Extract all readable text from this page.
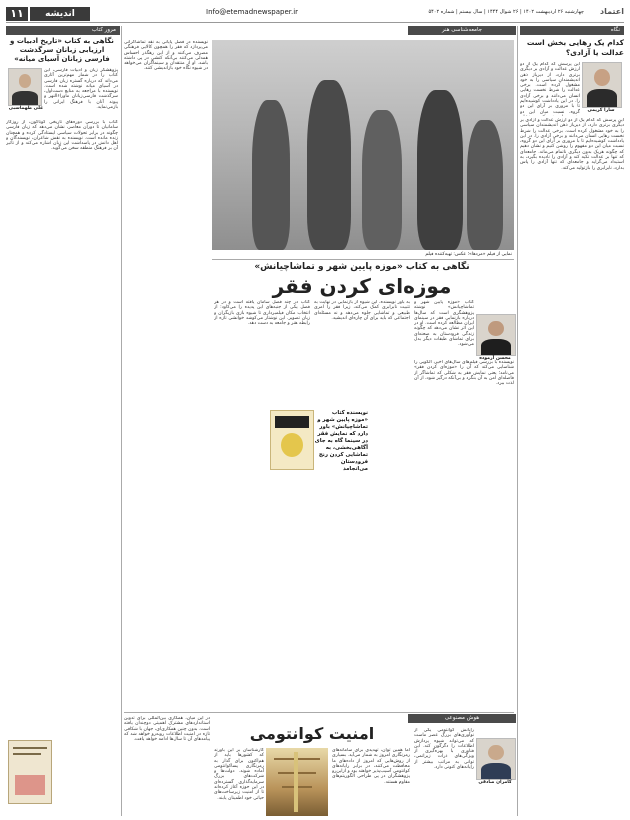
اعتماد
چهارشنبه ۲۶ اردیبهشت ۱۴۰۲ | ۲۶ شوال ۱۴۴۴ | سال بیستم | شماره ۵۴۰۲
Info@etemadnewspaper.ir
اندیشه
۱۱
مرور کتاب
نگاهی به کتاب «تاریخ ادبیات و ارزیابی زبانان سرگذشت فارسی زبانان آسیای میانه»
علی طهماسبی
پژوهشگر زبان و ادبیات فارسی، این کتاب را در شمار مهم‌ترین آثاری می‌داند که درباره گستره زبان فارسی در آسیای میانه نوشته شده است. نویسنده با مراجعه به منابع دست‌اول، سرگذشت فارسی‌زبانان ماوراءالنهر و پیوند آنان با فرهنگ ایرانی را بازمی‌نماید.
کتاب با بررسی دوره‌های تاریخی گوناگون، از روزگار سامانیان تا دوران معاصر، نشان می‌دهد که زبان فارسی چگونه در برابر تحولات سیاسی ایستادگی کرده و همچنان زنده مانده است. نویسنده به نقش شاعران، نویسندگان و اهل دانش در پاسداشت این زبان اشاره می‌کند و از تأثیر آن بر فرهنگ منطقه سخن می‌گوید.
نگاه
کدام یک رهایی بخش است عدالت یا آزادی؟
سارا کریمی
این پرسش که کدام یک از دو ارزش عدالت و آزادی بر دیگری برتری دارد، از دیرباز ذهن اندیشمندان سیاسی را به خود مشغول کرده است. برخی عدالت را شرط نخست رهایی انسان می‌دانند و برخی آزادی را. در این یادداشت کوشیده‌ایم تا با مروری بر آرای این دو گروه، نسبت میان این دو
این پرسش که کدام یک از دو ارزش عدالت و آزادی بر دیگری برتری دارد، از دیرباز ذهن اندیشمندان سیاسی را به خود مشغول کرده است. برخی عدالت را شرط نخست رهایی انسان می‌دانند و برخی آزادی را. در این یادداشت کوشیده‌ایم تا با مروری بر آرای این دو گروه، نسبت میان این دو مفهوم را روشن کنیم و نشان دهیم که چگونه هریک بدون دیگری ناتمام می‌ماند. جامعه‌ای که تنها بر عدالت تکیه کند و آزادی را نادیده بگیرد، به استبداد می‌گراید و جامعه‌ای که تنها آزادی را پاس بدارد، نابرابری را بازتولید می‌کند.
جامعه‌شناسی هنر
نمایی از فیلم «مردها»؛ عکس: تهیه‌کننده فیلم
نگاهی به کتاب «موزه پایین شهر و تماشاچیانش»
موزه‌ای کردن فقر
محسن آزموده
کتاب «موزه پایین شهر و تماشاچیانش» نوشته پژوهشگری است که سال‌ها درباره بازنمایی فقر در سینمای ایران مطالعه کرده است. او در این اثر نشان می‌دهد که چگونه زندگی فرودستان به صحنه‌ای برای تماشای طبقات دیگر بدل می‌شود.
نویسنده با بررسی فیلم‌های سال‌های اخیر، الگویی را شناسایی می‌کند که آن را «موزه‌ای کردن فقر» می‌نامد؛ یعنی نمایش فقر به شکلی که تماشاگر از فاصله‌ای امن به آن بنگرد و بی‌آنکه درگیر شود، از آن لذت ببرد.
به باور نویسنده، این شیوه از بازنمایی در نهایت به تثبیت نابرابری کمک می‌کند، زیرا فقر را امری طبیعی و تماشایی جلوه می‌دهد و نه مسئله‌ای اجتماعی که باید برای آن چاره‌ای اندیشید.
نویسنده کتاب «موزه پایین شهر و تماشاچیانش» باور دارد که نمایش فقر در سینما گاه به جای آگاهی‌بخشی، به تماشایی کردن رنج فرودستان می‌انجامد
کتاب در چند فصل سامان یافته است و در هر فصل یکی از جنبه‌های این پدیده را می‌کاود: از انتخاب مکان فیلمبرداری تا شیوه بازی بازیگران و زبان تصویر. این نوشتار می‌کوشد خوانشی تازه از رابطه هنر و جامعه به دست دهد.
نویسنده در فصل پایانی به نقد تماشاگرانی می‌پردازد که فقر را همچون کالایی فرهنگی مصرف می‌کنند و از این رهگذر احساس همدلی می‌کنند بی‌آنکه کنشی در پی داشته باشد. او از منتقدان و سینماگران می‌خواهد در شیوه نگاه خود بازاندیشی کنند.
هوش مصنوعی
امنیت کوانتومی
کامران صادقی
رایانش کوانتومی یکی از نوآوری‌های بزرگ عصر ماست که می‌تواند شیوه پردازش اطلاعات را دگرگون کند. این فناوری با بهره‌گیری از ویژگی‌های ذرات زیراتمی، توانی به مراتب بیشتر از رایانه‌های کنونی دارد.
اما همین توان، تهدیدی برای سامانه‌های رمزنگاری امروز به شمار می‌آید. بسیاری از روش‌هایی که امروز از داده‌های ما محافظت می‌کنند، در برابر رایانه‌های کوانتومی آسیب‌پذیر خواهند بود و ازاین‌رو پژوهشگران در پی طراحی الگوریتم‌های مقاوم هستند.
کارشناسان بر این باورند که کشورها باید از هم‌اکنون برای گذار به رمزنگاری پساکوانتومی آماده شوند. دولت‌ها و شرکت‌های بزرگ سرمایه‌گذاری گسترده‌ای در این حوزه آغاز کرده‌اند تا از امنیت زیرساخت‌های حیاتی خود اطمینان یابند.
در این میان، همکاری بین‌المللی برای تدوین استانداردهای مشترک اهمیتی دوچندان یافته است. بدون چنین همکاری‌ای، جهان با شکافی تازه در امنیت اطلاعات روبه‌رو خواهد شد که پیامدهای آن تا سال‌ها ادامه خواهد یافت.
